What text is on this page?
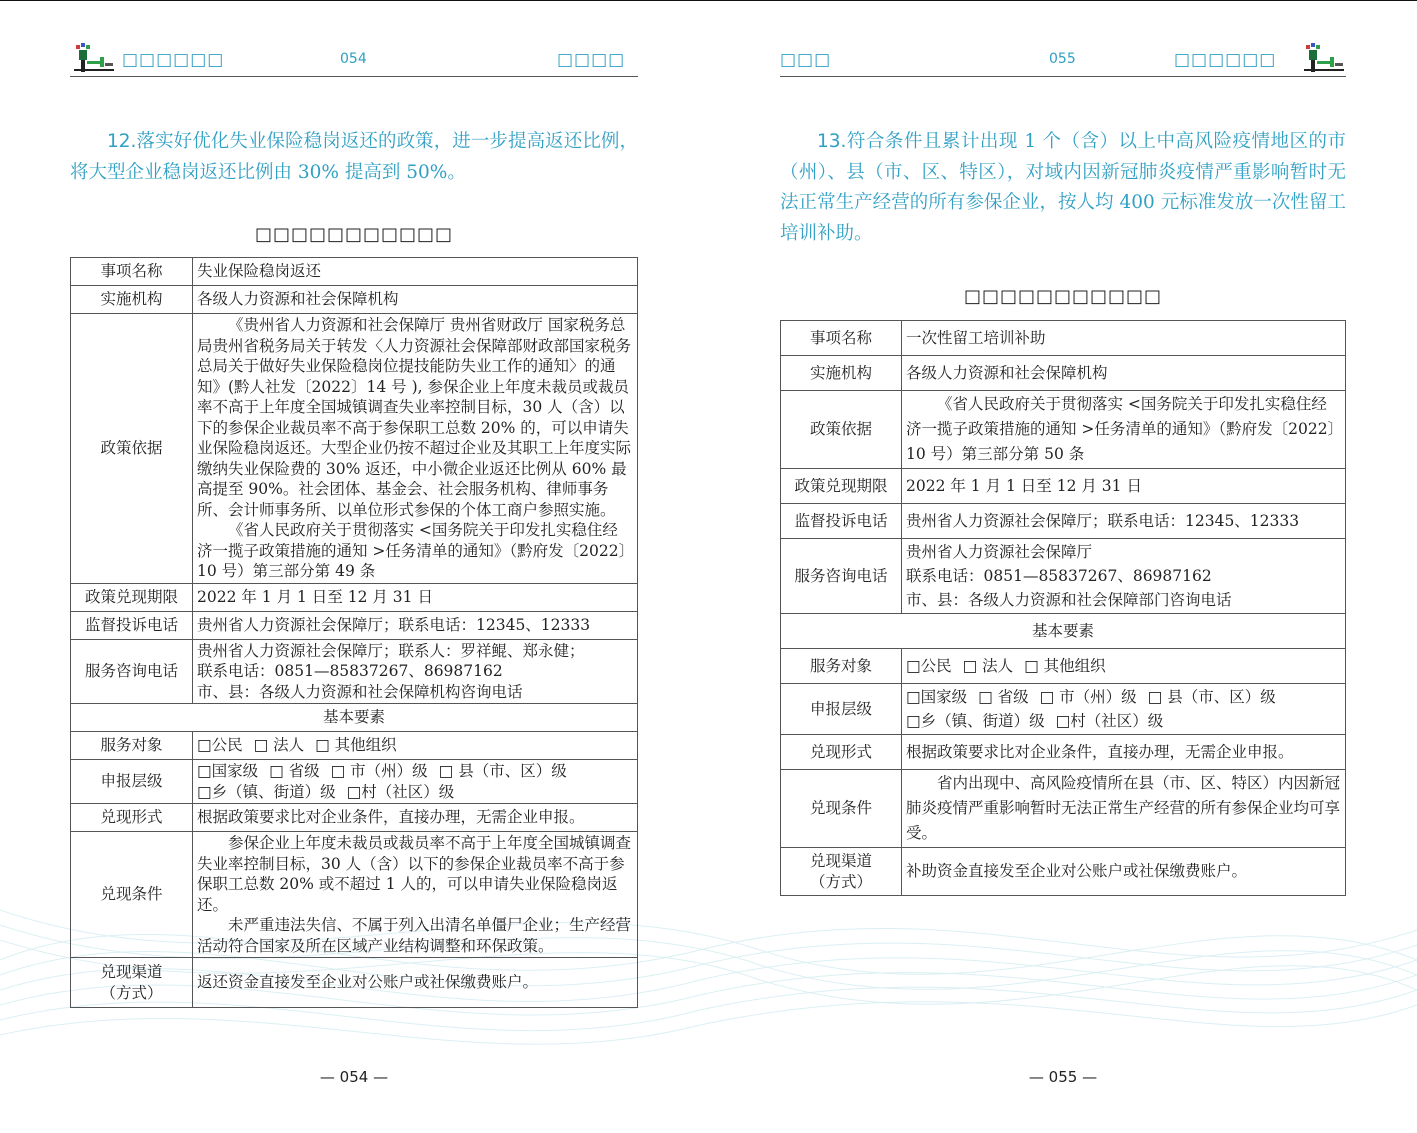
□□□□□□	054	□□□□

12.落实好优化失业保险稳岗返还的政策，进一步提高返还比例，将大型企业稳岗返还比例由 30% 提高到 50%。

□□□□□□□□□□□
事项名称	失业保险稳岗返还
实施机构	各级人力资源和社会保障机构
政策依据	《贵州省人力资源和社会保障厅 贵州省财政厅 国家税务总局贵州省税务局关于转发〈人力资源社会保障部财政部国家税务总局关于做好失业保险稳岗位提技能防失业工作的通知〉的通知》(黔人社发〔2022〕14 号 ), 参保企业上年度未裁员或裁员率不高于上年度全国城镇调查失业率控制目标，30 人（含）以下的参保企业裁员率不高于参保职工总数 20% 的，可以申请失业保险稳岗返还。大型企业仍按不超过企业及其职工上年度实际缴纳失业保险费的 30% 返还，中小微企业返还比例从 60% 最高提至 90%。社会团体、基金会、社会服务机构、律师事务所、会计师事务所、以单位形式参保的个体工商户参照实施。
《省人民政府关于贯彻落实 <国务院关于印发扎实稳住经济一揽子政策措施的通知 >任务清单的通知》（黔府发〔2022〕10 号）第三部分第 49 条

政策兑现期限	2022 年 1 月 1 日至 12 月 31 日
监督投诉电话	贵州省人力资源社会保障厅；联系电话：12345、12333
服务咨询电话	贵州省人力资源社会保障厅；联系人：罗祥鲲、郑永健；
联系电话：0851—85837267、86987162
市、县：各级人力资源和社会保障机构咨询电话

基本要素	
服务对象	□公民 □ 法人 □ 其他组织
申报层级	□国家级 □ 省级 □ 市（州）级 □ 县（市、区）级
□乡（镇、街道）级 □村（社区）级

兑现形式	根据政策要求比对企业条件，直接办理，无需企业申报。
兑现条件	参保企业上年度未裁员或裁员率不高于上年度全国城镇调查失业率控制目标，30 人（含）以下的参保企业裁员率不高于参保职工总数 20% 或不超过 1 人的，可以申请失业保险稳岗返还。
未严重违法失信、不属于列入出清名单僵尸企业；生产经营活动符合国家及所在区域产业结构调整和环保政策。

兑现渠道
（方式）	返还资金直接发至企业对公账户或社保缴费账户。
— 054 —
□□□	055	□□□□□□

13.符合条件且累计出现 1 个（含）以上中高风险疫情地区的市（州）、县（市、区、特区），对域内因新冠肺炎疫情严重影响暂时无法正常生产经营的所有参保企业，按人均 400 元标准发放一次性留工培训补助。

□□□□□□□□□□□
事项名称	一次性留工培训补助
实施机构	各级人力资源和社会保障机构
政策依据	《省人民政府关于贯彻落实 <国务院关于印发扎实稳住经济一揽子政策措施的通知 >任务清单的通知》（黔府发〔2022〕10 号）第三部分第 50 条

政策兑现期限	2022 年 1 月 1 日至 12 月 31 日
监督投诉电话	贵州省人力资源社会保障厅；联系电话：12345、12333
服务咨询电话	贵州省人力资源社会保障厅
联系电话：0851—85837267、86987162
市、县：各级人力资源和社会保障部门咨询电话

基本要素	
服务对象	□公民 □ 法人 □ 其他组织
申报层级	□国家级 □ 省级 □ 市（州）级 □ 县（市、区）级
□乡（镇、街道）级 □村（社区）级

兑现形式	根据政策要求比对企业条件，直接办理，无需企业申报。
兑现条件	省内出现中、高风险疫情所在县（市、区、特区）内因新冠肺炎疫情严重影响暂时无法正常生产经营的所有参保企业均可享受。

兑现渠道
（方式）	补助资金直接发至企业对公账户或社保缴费账户。
— 055 —
